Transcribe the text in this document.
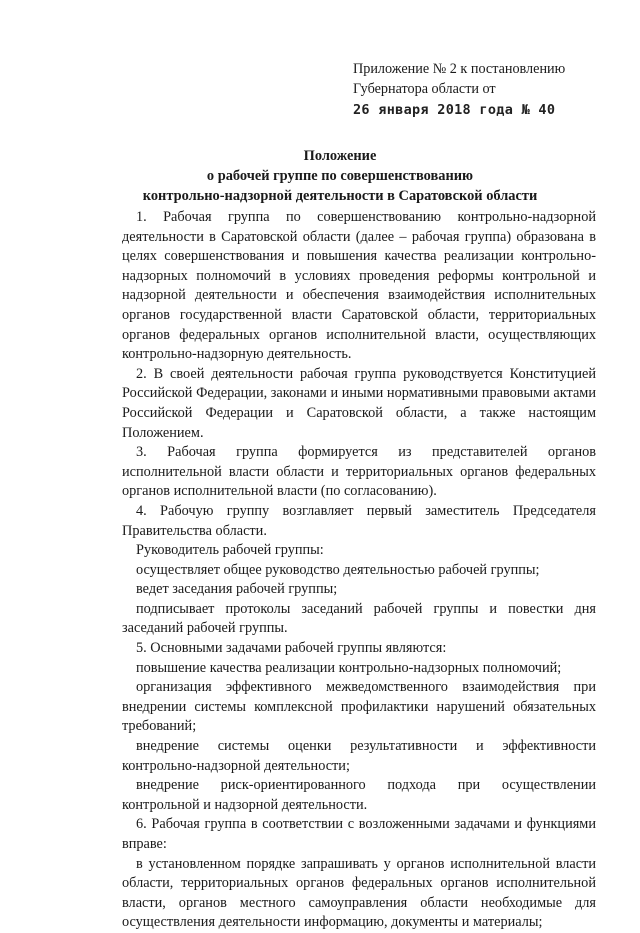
Приложение № 2 к постановлению
Губернатора области от
26 января 2018 года № 40
Положение
о рабочей группе по совершенствованию
контрольно-надзорной деятельности в Саратовской области

1. Рабочая группа по совершенствованию контрольно-надзорной деятельности в Саратовской области (далее – рабочая группа) образована в целях совершенствования и повышения качества реализации контрольно-надзорных полномочий в условиях проведения реформы контрольной и надзорной деятельности и обеспечения взаимодействия исполнительных органов государственной власти Саратовской области, территориальных органов федеральных органов исполнительной власти, осуществляющих контрольно-надзорную деятельность.

2. В своей деятельности рабочая группа руководствуется Конституцией Российской Федерации, законами и иными нормативными правовыми актами Российской Федерации и Саратовской области, а также настоящим Положением.

3. Рабочая группа формируется из представителей органов исполнительной власти области и территориальных органов федеральных органов исполнительной власти (по согласованию).

4. Рабочую группу возглавляет первый заместитель Председателя Правительства области.

Руководитель рабочей группы:

осуществляет общее руководство деятельностью рабочей группы;

ведет заседания рабочей группы;

подписывает протоколы заседаний рабочей группы и повестки дня заседаний рабочей группы.

5. Основными задачами рабочей группы являются:

повышение качества реализации контрольно-надзорных полномочий;

организация эффективного межведомственного взаимодействия при внедрении системы комплексной профилактики нарушений обязательных требований;

внедрение системы оценки результативности и эффективности контрольно-надзорной деятельности;

внедрение риск-ориентированного подхода при осуществлении контрольной и надзорной деятельности.

6. Рабочая группа в соответствии с возложенными задачами и функциями вправе:

в установленном порядке запрашивать у органов исполнительной власти области, территориальных органов федеральных органов исполнительной власти, органов местного самоуправления области необходимые для осуществления деятельности информацию, документы и материалы;
